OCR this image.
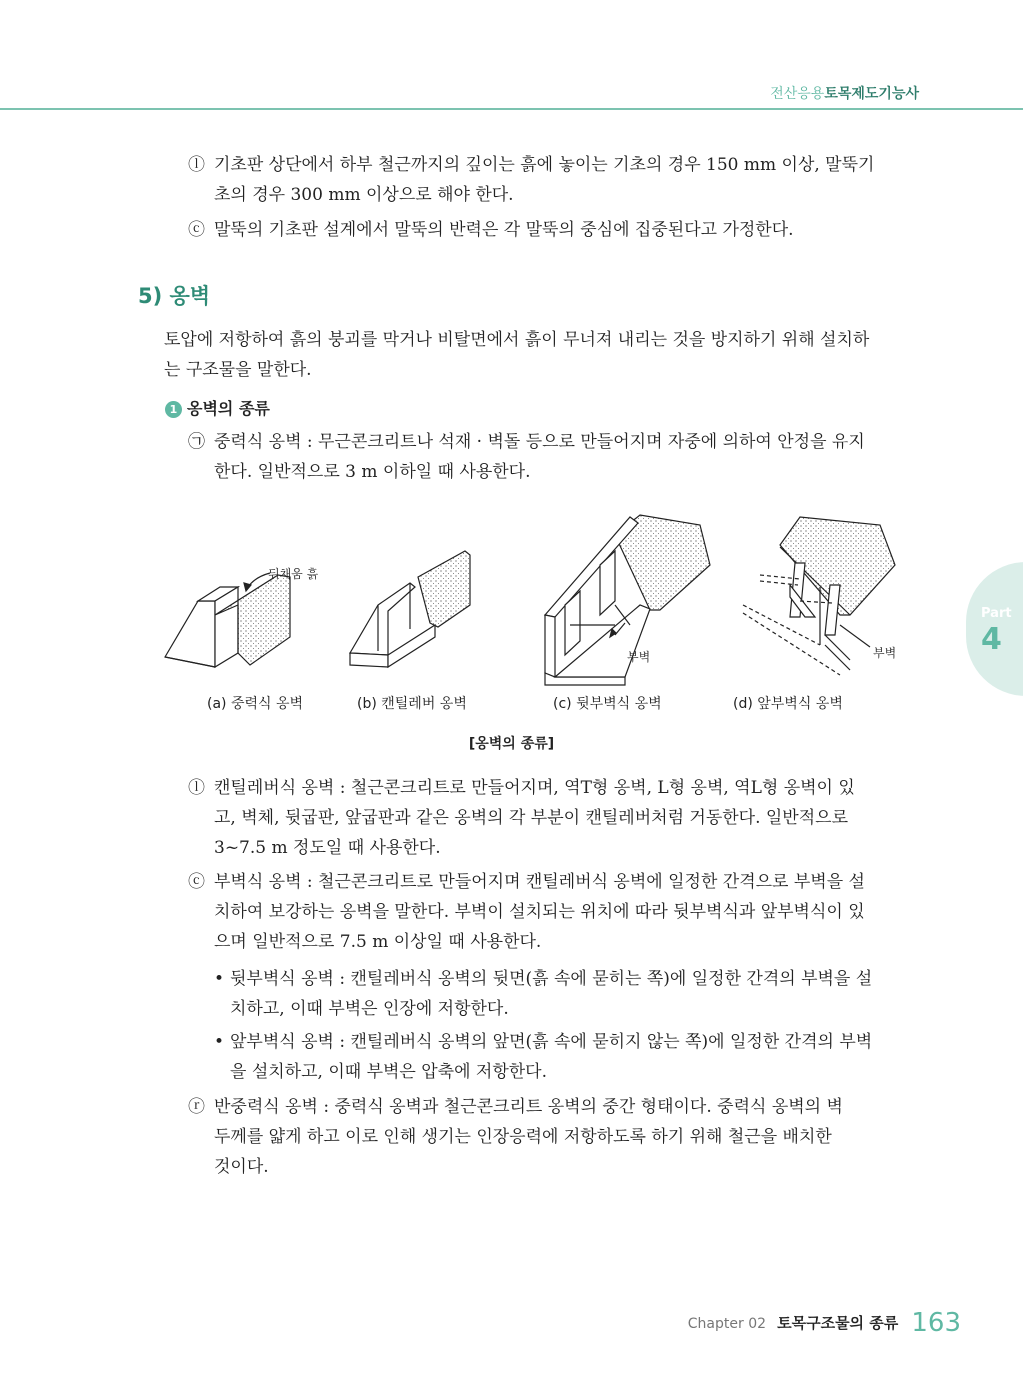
전산응용토목제도기능사
Part
4
ⓛ 기초판 상단에서 하부 철근까지의 깊이는 흙에 놓이는 기초의 경우 150 mm 이상, 말뚝기
초의 경우 300 mm 이상으로 해야 한다.
ⓒ 말뚝의 기초판 설계에서 말뚝의 반력은 각 말뚝의 중심에 집중된다고 가정한다.
5) 옹벽
토압에 저항하여 흙의 붕괴를 막거나 비탈면에서 흙이 무너져 내리는 것을 방지하기 위해 설치하
는 구조물을 말한다.
1 옹벽의 종류
㉠ 중력식 옹벽 : 무근콘크리트나 석재 · 벽돌 등으로 만들어지며 자중에 의하여 안정을 유지
한다. 일반적으로 3 m 이하일 때 사용한다.
뒤채움 흙
부벽	부벽
(a) 중력식 옹벽	(b) 캔틸레버 옹벽	(c) 뒷부벽식 옹벽	(d) 앞부벽식 옹벽
[옹벽의 종류]
ⓛ 캔틸레버식 옹벽 : 철근콘크리트로 만들어지며, 역T형 옹벽, L형 옹벽, 역L형 옹벽이 있
고, 벽체, 뒷굽판, 앞굽판과 같은 옹벽의 각 부분이 캔틸레버처럼 거동한다. 일반적으로
3~7.5 m 정도일 때 사용한다.
ⓒ 부벽식 옹벽 : 철근콘크리트로 만들어지며 캔틸레버식 옹벽에 일정한 간격으로 부벽을 설
치하여 보강하는 옹벽을 말한다. 부벽이 설치되는 위치에 따라 뒷부벽식과 앞부벽식이 있
으며 일반적으로 7.5 m 이상일 때 사용한다.
• 뒷부벽식 옹벽 : 캔틸레버식 옹벽의 뒷면(흙 속에 묻히는 쪽)에 일정한 간격의 부벽을 설
치하고, 이때 부벽은 인장에 저항한다.
• 앞부벽식 옹벽 : 캔틸레버식 옹벽의 앞면(흙 속에 묻히지 않는 쪽)에 일정한 간격의 부벽
을 설치하고, 이때 부벽은 압축에 저항한다.
ⓡ 반중력식 옹벽 : 중력식 옹벽과 철근콘크리트 옹벽의 중간 형태이다. 중력식 옹벽의 벽
두께를 얇게 하고 이로 인해 생기는 인장응력에 저항하도록 하기 위해 철근을 배치한
것이다.
Chapter 02 토목구조물의 종류 163
